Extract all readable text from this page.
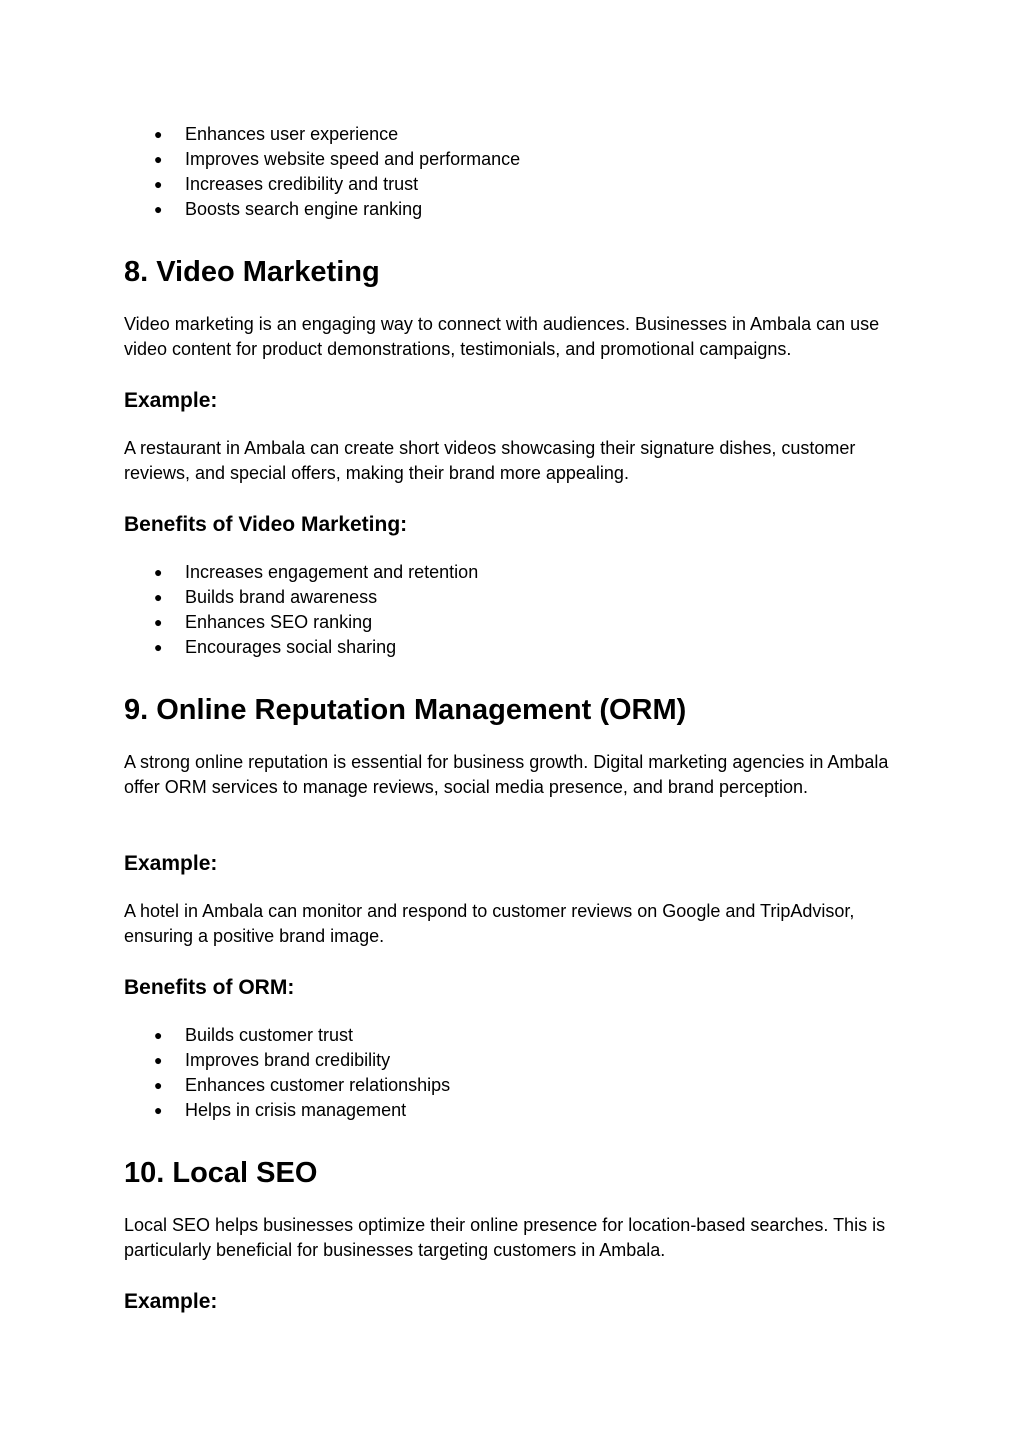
● Enhances user experience
● Improves website speed and performance
● Increases credibility and trust
● Boosts search engine ranking
8. Video Marketing
Video marketing is an engaging way to connect with audiences. Businesses in Ambala can use video content for product demonstrations, testimonials, and promotional campaigns.
Example:
A restaurant in Ambala can create short videos showcasing their signature dishes, customer reviews, and special offers, making their brand more appealing.
Benefits of Video Marketing:
● Increases engagement and retention
● Builds brand awareness
● Enhances SEO ranking
● Encourages social sharing
9. Online Reputation Management (ORM)
A strong online reputation is essential for business growth. Digital marketing agencies in Ambala offer ORM services to manage reviews, social media presence, and brand perception.
Example:
A hotel in Ambala can monitor and respond to customer reviews on Google and TripAdvisor, ensuring a positive brand image.
Benefits of ORM:
● Builds customer trust
● Improves brand credibility
● Enhances customer relationships
● Helps in crisis management
10. Local SEO
Local SEO helps businesses optimize their online presence for location-based searches. This is particularly beneficial for businesses targeting customers in Ambala.
Example:
